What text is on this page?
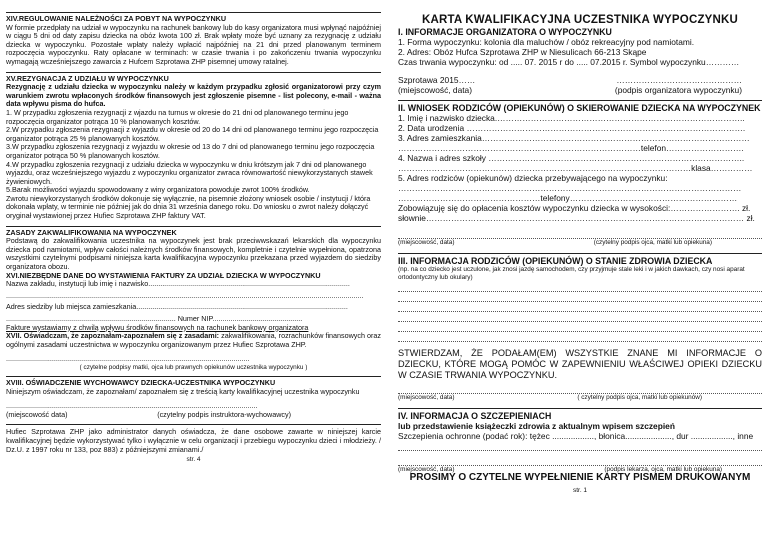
XIV.REGULOWANIE NALEŻNOŚCI ZA POBYT NA WYPOCZYNKU

W formie przedpłaty na udział w wypoczynku na rachunek bankowy lub do kasy organizatora musi wpłynąć najpóźniej w ciągu 5 dni od daty zapisu dziecka na obóz kwota 100 zł. Brak wpłaty może być uznany za rezygnację z udziału dziecka w wypoczynku. Pozostałe wpłaty należy wpłacić najpóźniej na 21 dni przed planowanym terminem rozpoczęcia wypoczynku. Raty opłacane w terminach: w czasie trwania i po zakończeniu trwania wypoczynku wymagają wcześniejszego zawarcia z Hufcem Szprotawa ZHP pisemnej umowy ratalnej.

XV.REZYGNACJA Z UDZIAŁU W WYPOCZYNKU

Rezygnację z udziału dziecka w wypoczynku należy w każdym przypadku zgłosić organizatorowi przy czym warunkiem zwrotu wpłaconych środków finansowych jest zgłoszenie pisemne - list polecony, e-mail - ważna data wpływu pisma do hufca.

1. W przypadku zgłoszenia rezygnacji z wjazdu na turnus w okresie do 21 dni od planowanego terminu jego rozpoczęcia organizator potrąca 10 % planowanych kosztów.

2.W przypadku zgłoszenia rezygnacji z wyjazdu w okresie od 20 do 14 dni od planowanego terminu jego rozpoczęcia organizator potrąca 25 % planowanych kosztów.

3.W przypadku zgłoszenia rezygnacji z wyjazdu w okresie od 13 do 7 dni od planowanego terminu jego rozpoczęcia organizator potrąca 50 % planowanych kosztów.

4.W przypadku zgłoszenia rezygnacji z udziału dziecka w wypoczynku w dniu krótszym jak 7 dni od planowanego wyjazdu, oraz wcześniejszego wyjazdu z wypoczynku organizator zwraca równowartość niewykorzystanych stawek żywieniowych.

5.Barak możliwości wyjazdu spowodowany z winy organizatora powoduje zwrot 100% środków.

Zwrotu niewykorzystanych środków dokonuje się wyłącznie, na pisemnie złożony wniosek osobie / instytucji / która dokonała wpłaty, w terminie nie później jak do dnia 31 września danego roku. Do wniosku o zwrot należy dołączyć oryginał wystawionej przez Hufiec Szprotawa ZHP faktury VAT.

ZASADY ZAKWALIFIKOWANIA NA WYPOCZYNEK

Podstawą do zakwalifikowania uczestnika na wypoczynek jest brak przeciwwskazań lekarskich dla wypoczynku dziecka pod namiotami, wpływ całości należnych środków finansowych, kompletnie i czytelnie wypełniona, opatrzona wszystkimi czytelnymi podpisami niniejsza karta kwalifikacyjna wypoczynku przekazana przed wyjazdem do siedziby organizatora obozu.

XVI.NIEZBĘDNE DANE DO WYSTAWIENIA FAKTURY ZA UDZIAŁ DZIECKA W WYPOCZYNKU
Nazwa zakładu, instytucji lub imię i nazwisko.....................................................................................................
...................................................................................................................................................................................
Adres siedziby lub miejsca zamieszkania..........................................................................................................
..................................................................................... Numer NIP.............................................
Fakture wystawiamy z chwilą wpływu środków finansowych na rachunek bankowy organizatora

XVII. Oświadczam, że zapoznałam-zapoznałem się z zasadami: zakwalifikowania, rozrachunków finansowych oraz ogólnymi zasadami uczestnictwa w wypoczynku organizowanym przez Hufiec Szprotawa ZHP.

..........................................................................................................................
( czytelne podpisy matki, ojca lub prawnych opiekunów uczestnika wypoczynku )
XVIII. OŚWIADCZENIE WYCHOWAWCY DZIECKA-UCZESTNIKA WYPOCZYNKU

Niniejszym oświadczam, że zapoznałam/ zapoznałem się z treścią karty kwalifikacyjnej uczestnika wypoczynku

..............................................................................................................................
(miejscowość data)	(czytelny podpis instruktora-wychowawcy)

Hufiec Szprotawa ZHP jako administrator danych oświadcza, że dane osobowe zawarte w niniejszej karcie kwalifikacyjnej będzie wykorzystywać tylko i wyłącznie w celu organizacji i przebiegu wypoczynku dzieci i młodzieży. / Dz.U. z 1997 roku nr 133, poz 883) z późniejszymi zmianami./

str. 4
KARTA KWALIFIKACYJNA UCZESTNIKA WYPOCZYNKU
I. INFORMACJE ORGANIZATORA O WYPOCZYNKU
1. Forma wypoczynku: kolonia dla maluchów / obóz rekreacyjny pod namiotami.
2. Adres: Obóz Hufca Szprotawa ZHP w Niesulicach 66-213 Skąpe
Czas trwania wypoczynku: od ..... 07. 2015 r do ..... 07.2015 r. Symbol wypoczynku…………
Szprotawa 2015……	………………………………………
(miejscowość, data)	(podpis organizatora wypoczynku)
II. WNIOSEK RODZICÓW (OPIEKUNÓW) O SKIEROWANIE DZIECKA NA WYPOCZYNEK
1. Imię i nazwisko dziecka.……………………………………………………………………………..
2. Data urodzenia ……………………………………………………………………………………….
3. Adres zamieszkania……………………………………………………………………………………
……………………………………………………………………………telefon……………………….
4. Nazwa i adres szkoły ………………………………………………………………………………..
……………………………………………………………………………………………klasa……………
5. Adres rodziców (opiekunów) dziecka przebywającego na wypoczynku:
……………………………………………………………………………………………………………
……………………………………………telefony……………………………………………………
Zobowiązuję się do opłacenia kosztów wypoczynku dziecka w wysokości:……………………. zł.
słownie…………………………………………………………………………………………………… zł.
(miejscowość, data)	(czytelny podpis ojca, matki lub opiekuna)
III. INFORMACJA RODZICÓW (OPIEKUNÓW) O STANIE ZDROWIA DZIECKA
(np. na co dziecko jest uczulone, jak znosi jazdę samochodem, czy przyjmuje stale leki i w jakich dawkach, czy nosi aparat ortodontyczny lub okulary)
STWIERDZAM, ŻE PODAŁAM(EM) WSZYSTKIE ZNANE MI INFORMACJE O DZIECKU, KTÓRE MOGĄ POMÓC W ZAPEWNIENIU WŁAŚCIWEJ OPIEKI DZIECKU W CZASIE TRWANIA WYPOCZYNKU.
(miejscowość, data)	( czytelny podpis ojca, matki lub opiekunów)
IV. INFORMACJA O SZCZEPIENIACH
lub przedstawienie książeczki zdrowia z aktualnym wpisem szczepień
Szczepienia ochronne (podać rok): tężec .................., błonica...................., dur .................., inne
(miejscowość, data)	(podpis lekarza, ojca, matki lub opiekuna)
PROSIMY O CZYTELNE WYPEŁNIENIE KARTY PISMEM DRUKOWANYM
str. 1
